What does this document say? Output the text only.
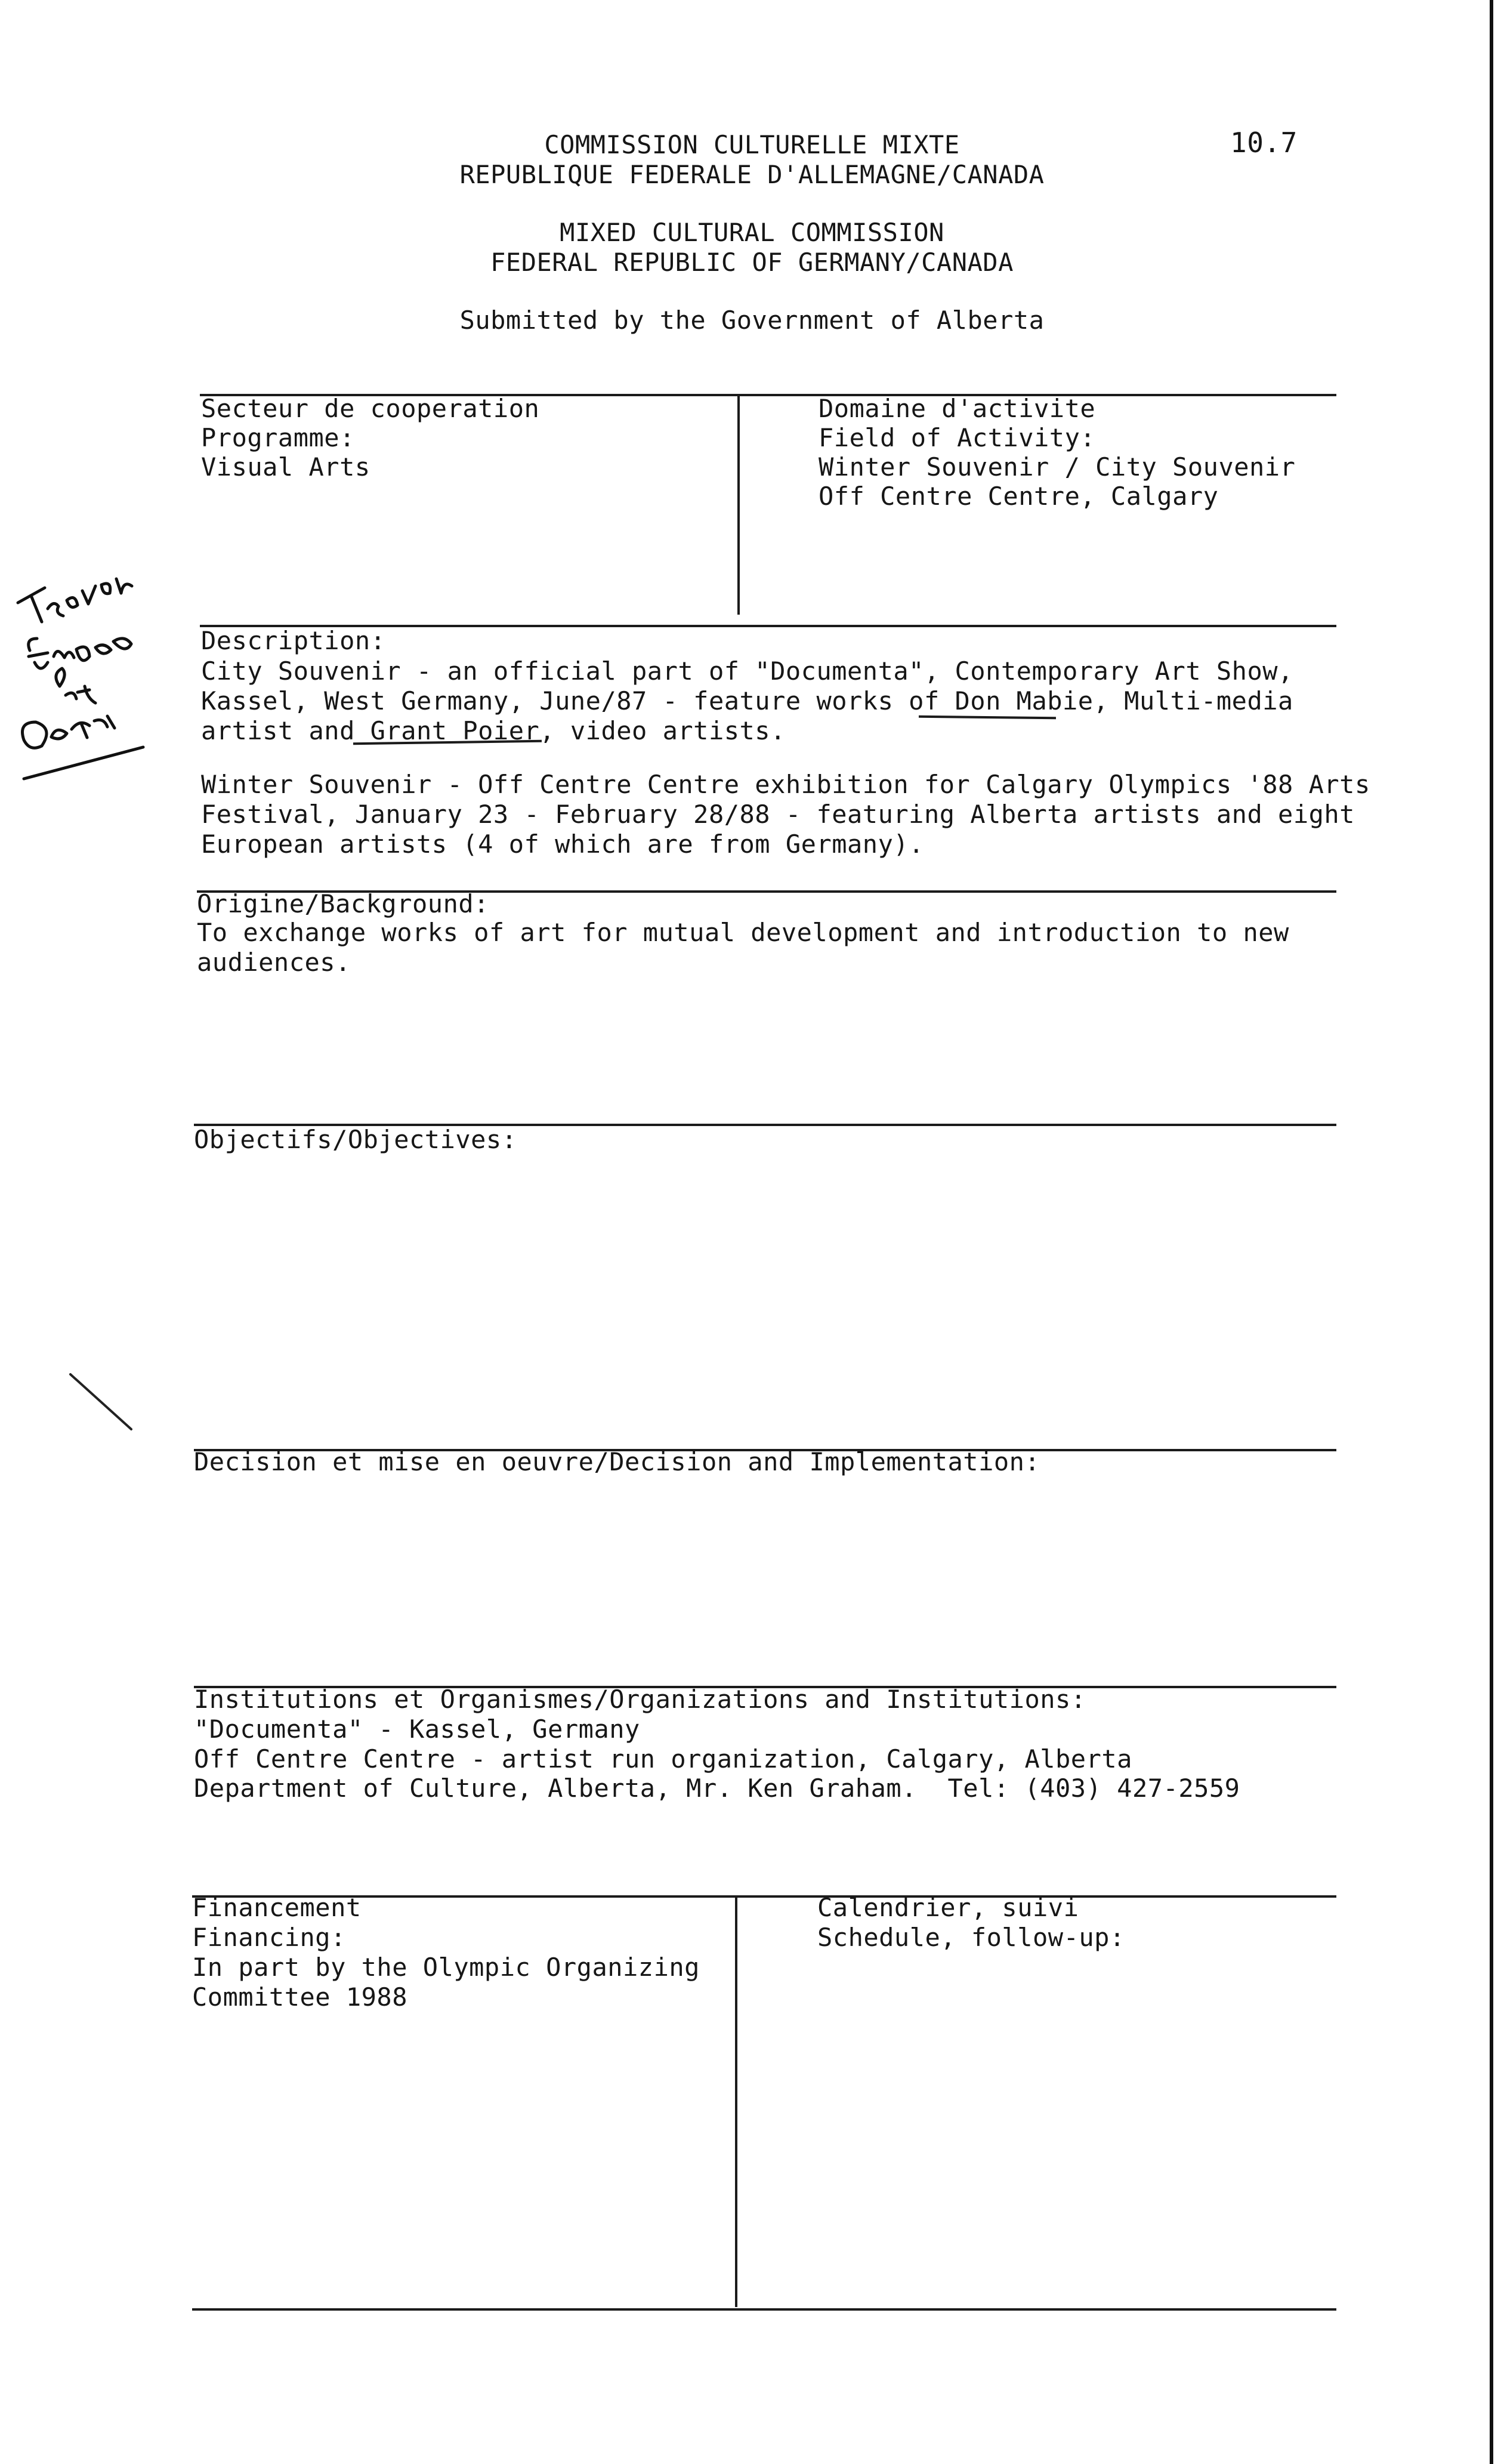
COMMISSION CULTURELLE MIXTE	10.7

REPUBLIQUE FEDERALE D'ALLEMAGNE/CANADA

MIXED CULTURAL COMMISSION

FEDERAL REPUBLIC OF GERMANY/CANADA

Submitted by the Government of Alberta

Secteur de cooperation

Programme:

Visual Arts

Domaine d'activite

Field of Activity:

Winter Souvenir / City Souvenir

Off Centre Centre, Calgary

Description:

City Souvenir - an official part of "Documenta", Contemporary Art Show,

Kassel, West Germany, June/87 - feature works of Don Mabie, Multi-media

artist and Grant Poier, video artists.

Winter Souvenir - Off Centre Centre exhibition for Calgary Olympics '88 Arts

Festival, January 23 - February 28/88 - featuring Alberta artists and eight

European artists (4 of which are from Germany).

Origine/Background:

To exchange works of art for mutual development and introduction to new

audiences.

Objectifs/Objectives:

Decision et mise en oeuvre/Decision and Implementation:

Institutions et Organismes/Organizations and Institutions:

"Documenta" - Kassel, Germany

Off Centre Centre - artist run organization, Calgary, Alberta

Department of Culture, Alberta, Mr. Ken Graham.  Tel: (403) 427-2559

Financement

Financing:

In part by the Olympic Organizing

Committee 1988

Calendrier, suivi

Schedule, follow-up:
